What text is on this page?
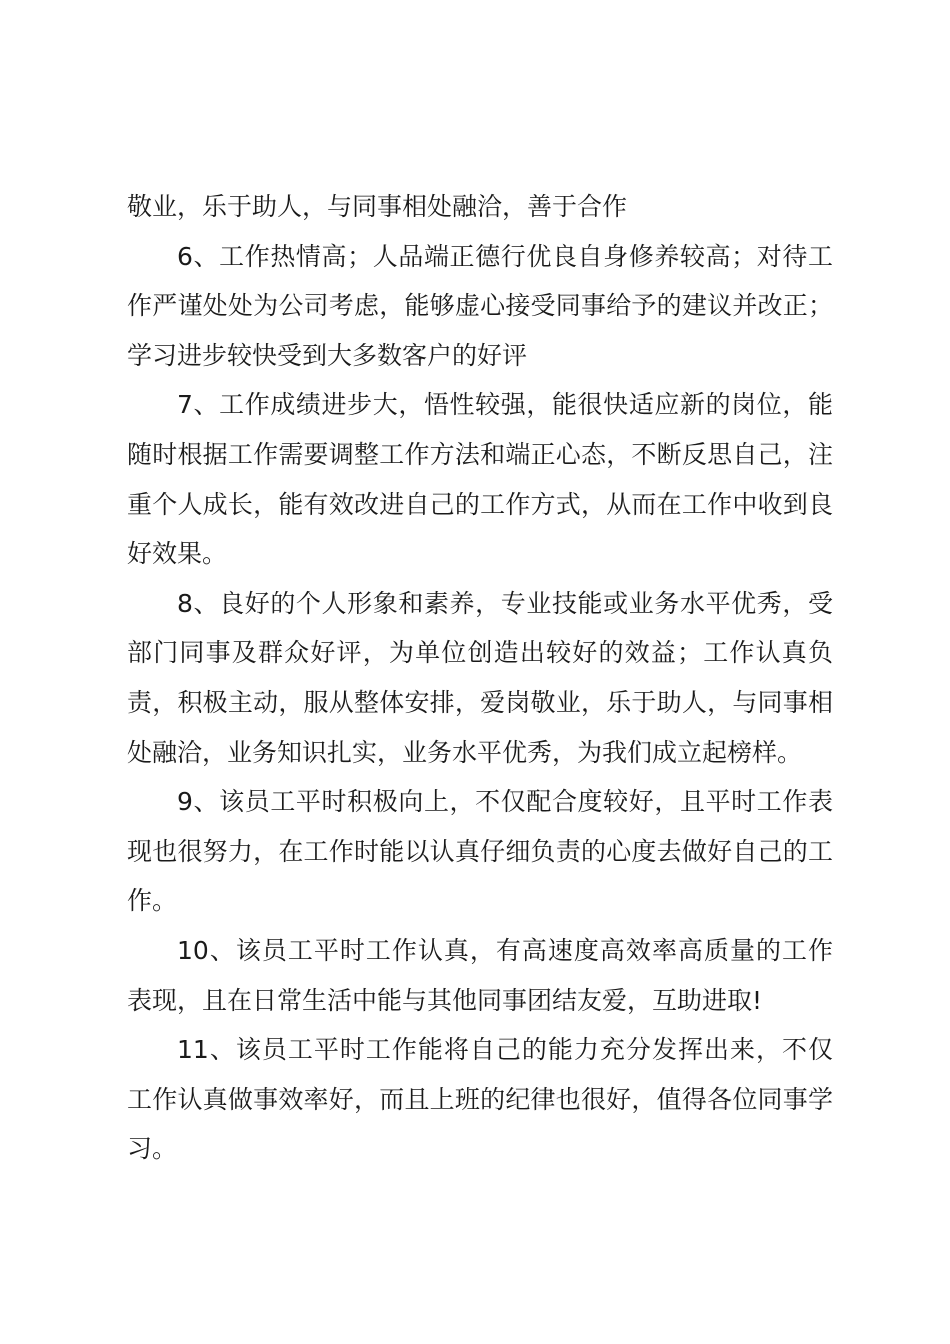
敬业，乐于助人，与同事相处融洽，善于合作

6、工作热情高；人品端正德行优良自身修养较高；对待工作严谨处处为公司考虑，能够虚心接受同事给予的建议并改正；学习进步较快受到大多数客户的好评

7、工作成绩进步大，悟性较强，能很快适应新的岗位，能随时根据工作需要调整工作方法和端正心态，不断反思自己，注重个人成长，能有效改进自己的工作方式，从而在工作中收到良好效果。

8、良好的个人形象和素养，专业技能或业务水平优秀，受部门同事及群众好评，为单位创造出较好的效益；工作认真负责，积极主动，服从整体安排，爱岗敬业，乐于助人，与同事相处融洽，业务知识扎实，业务水平优秀，为我们成立起榜样。

9、该员工平时积极向上，不仅配合度较好，且平时工作表现也很努力，在工作时能以认真仔细负责的心度去做好自己的工作。

10、该员工平时工作认真，有高速度高效率高质量的工作表现，且在日常生活中能与其他同事团结友爱，互助进取!

11、该员工平时工作能将自己的能力充分发挥出来，不仅工作认真做事效率好，而且上班的纪律也很好，值得各位同事学习。
